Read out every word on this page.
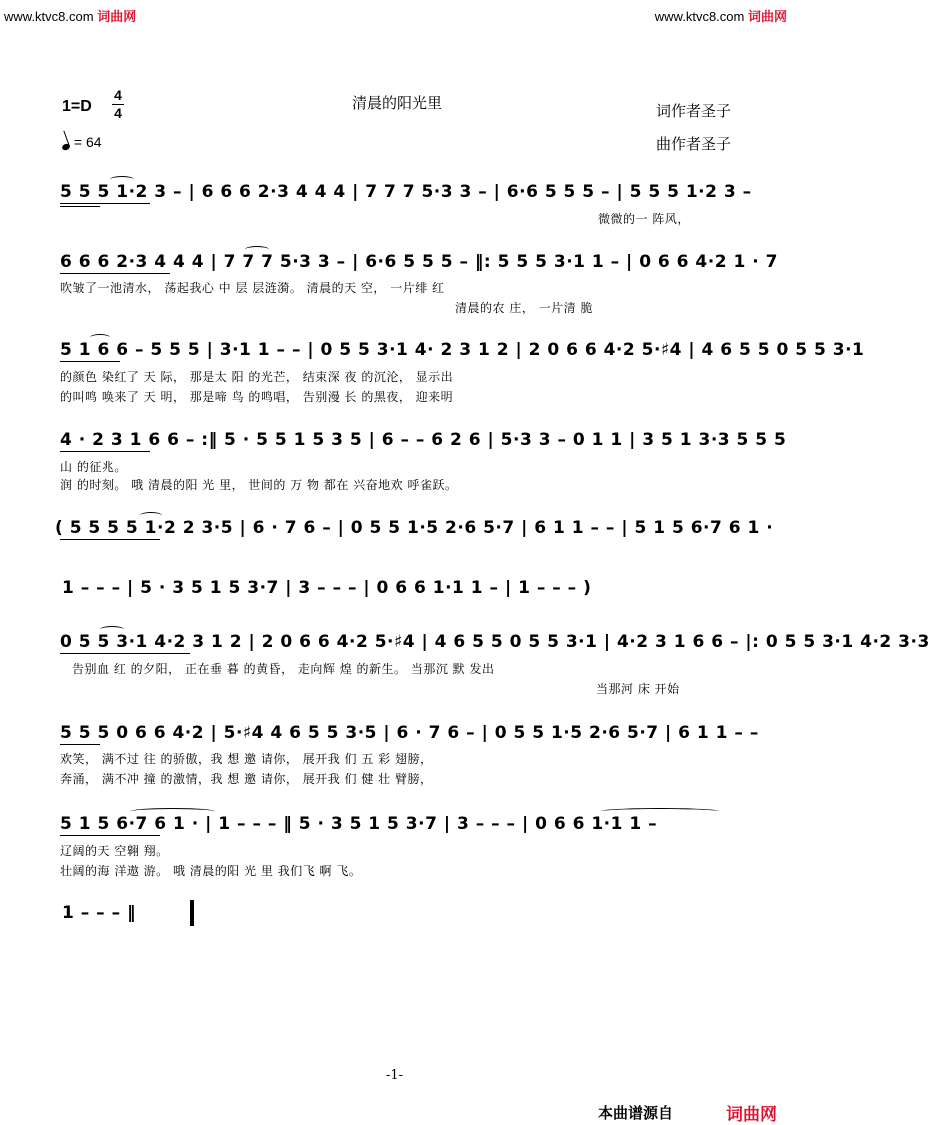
www.ktvc8.com 词曲网	www.ktvc8.com 词曲网
清晨的阳光里	词作者圣子
曲作者圣子
1=D
4
4
= 64
5 5 5 1·2 3 – | 6 6 6 2·3 4 4 4 | 7 7 7 5·3 3 – | 6·6 5 5 5 – | 5 5 5 1·2 3 –
微微的一 阵风，
6 6 6 2·3 4 4 4 | 7 7 7 5·3 3 – | 6·6 5 5 5 – ‖: 5 5 5 3·1 1 – | 0 6 6 4·2 1 · 7
吹皱了一池清水， 荡起我心 中 层 层涟漪。 清晨的天 空， 一片绯 红
清晨的农 庄， 一片清 脆
5 1 6 6 – 5 5 5 | 3·1 1 – – | 0 5 5 3·1 4· 2 3 1 2 | 2 0 6 6 4·2 5·♯4 | 4 6 5 5 0 5 5 3·1
的颜色 染红了 天 际， 那是太 阳 的光芒， 结束深 夜 的沉沦， 显示出
的叫鸣 唤来了 天 明， 那是啼 鸟 的鸣唱， 告别漫 长 的黑夜， 迎来明
4 · 2 3 1 6 6 – :‖ 5 · 5 5 1 5 3 5 | 6 – – 6 2 6 | 5·3 3 – 0 1 1 | 3 5 1 3·3 5 5 5
山 的征兆。
润 的时刻。 哦 清晨的阳 光 里， 世间的 万 物 都在 兴奋地欢 呼雀跃。
( 5 5 5 5 1·2 2 3·5 | 6 · 7 6 – | 0 5 5 1·5 2·6 5·7 | 6 1 1 – – | 5 1 5 6·7 6 1 ·
1 – – – | 5 · 3 5 1 5 3·7 | 3 – – – | 0 6 6 1·1 1 – | 1 – – – )
0 5 5 3·1 4·2 3 1 2 | 2 0 6 6 4·2 5·♯4 | 4 6 5 5 0 5 5 3·1 | 4·2 3 1 6 6 – |: 0 5 5 3·1 4·2 3·3
告别血 红 的夕阳， 正在垂 暮 的黄昏， 走向辉 煌 的新生。 当那沉 默 发出
当那河 床 开始
5 5 5 0 6 6 4·2 | 5·♯4 4 6 5 5 3·5 | 6 · 7 6 – | 0 5 5 1·5 2·6 5·7 | 6 1 1 – –
欢笑， 满不过 往 的骄傲，我 想 邀 请你， 展开我 们 五 彩 翅膀，
奔涌， 满不冲 撞 的激情，我 想 邀 请你， 展开我 们 健 壮 臂膀，
5 1 5 6·7 6 1 · | 1 – – – ‖ 5 · 3 5 1 5 3·7 | 3 – – – | 0 6 6 1·1 1 –
辽阔的天 空翱 翔。
壮阔的海 洋遨 游。 哦 清晨的阳 光 里 我们飞 啊 飞。
1 – – – ‖
-1-
本曲谱源自	词曲网
